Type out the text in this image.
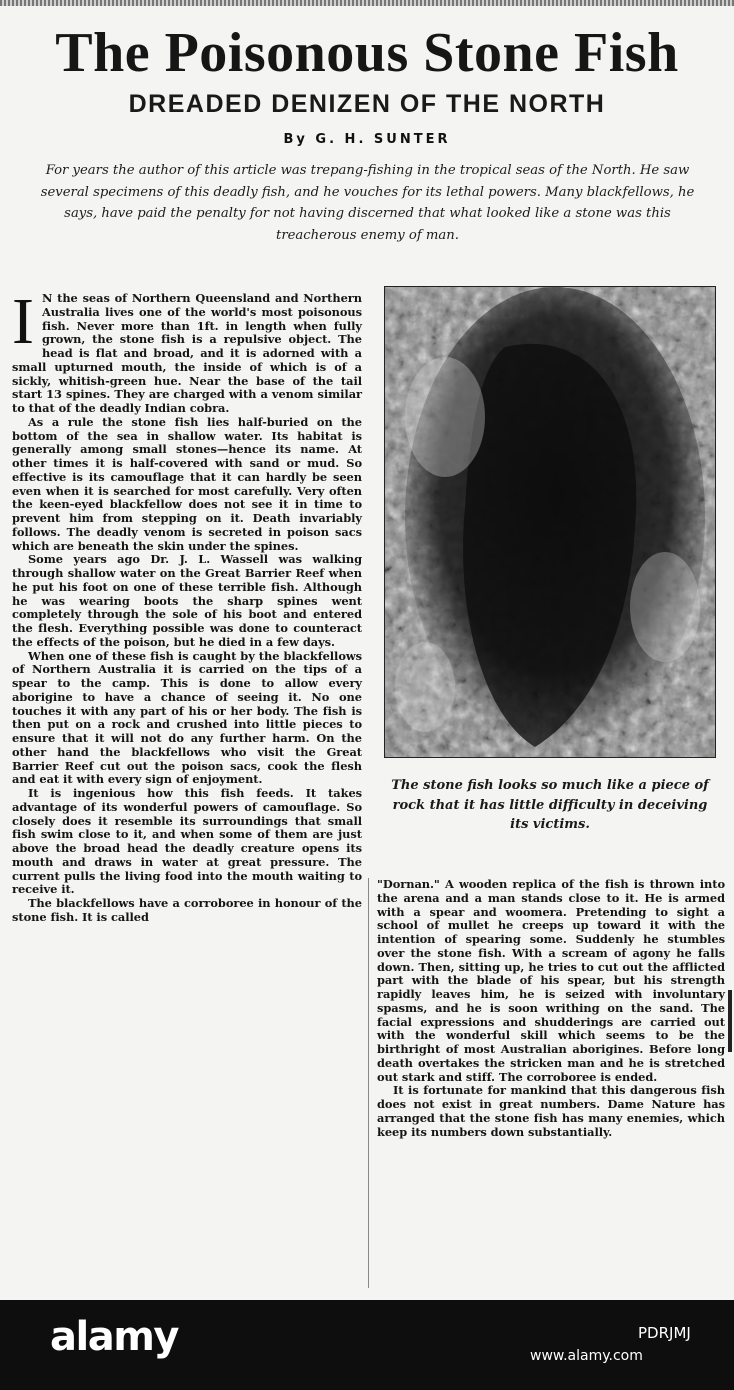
The Poisonous Stone Fish
DREADED DENIZEN OF THE NORTH
By G. H. SUNTER

For years the author of this article was trepang-fishing in the tropical seas of the North. He saw several specimens of this deadly fish, and he vouches for its lethal powers. Many blackfellows, he says, have paid the penalty for not having discerned that what looked like a stone was this treacherous enemy of man.

I N the seas of Northern Queensland and Northern Australia lives one of the world's most poisonous fish. Never more than 1ft. in length when fully grown, the stone fish is a repulsive object. The head is flat and broad, and it is adorned with a small upturned mouth, the inside of which is of a sickly, whitish-green hue. Near the base of the tail start 13 spines. They are charged with a venom similar to that of the deadly Indian cobra.

As a rule the stone fish lies half-buried on the bottom of the sea in shallow water. Its habitat is generally among small stones—hence its name. At other times it is half-covered with sand or mud. So effective is its camouflage that it can hardly be seen even when it is searched for most carefully. Very often the keen-eyed blackfellow does not see it in time to prevent him from stepping on it. Death invariably follows. The deadly venom is secreted in poison sacs which are beneath the skin under the spines.

Some years ago Dr. J. L. Wassell was walking through shallow water on the Great Barrier Reef when he put his foot on one of these terrible fish. Although he was wearing boots the sharp spines went completely through the sole of his boot and entered the flesh. Everything possible was done to counteract the effects of the poison, but he died in a few days.

When one of these fish is caught by the blackfellows of Northern Australia it is carried on the tips of a spear to the camp. This is done to allow every aborigine to have a chance of seeing it. No one touches it with any part of his or her body. The fish is then put on a rock and crushed into little pieces to ensure that it will not do any further harm. On the other hand the blackfellows who visit the Great Barrier Reef cut out the poison sacs, cook the flesh and eat it with every sign of enjoyment.

It is ingenious how this fish feeds. It takes advantage of its wonderful powers of camouflage. So closely does it resemble its surroundings that small fish swim close to it, and when some of them are just above the broad head the deadly creature opens its mouth and draws in water at great pressure. The current pulls the living food into the mouth waiting to receive it.

The blackfellows have a corroboree in honour of the stone fish. It is called

The stone fish looks so much like a piece of rock that it has little difficulty in deceiving its victims.

"Dornan." A wooden replica of the fish is thrown into the arena and a man stands close to it. He is armed with a spear and woomera. Pretending to sight a school of mullet he creeps up toward it with the intention of spearing some. Suddenly he stumbles over the stone fish. With a scream of agony he falls down. Then, sitting up, he tries to cut out the afflicted part with the blade of his spear, but his strength rapidly leaves him, he is seized with involuntary spasms, and he is soon writhing on the sand. The facial expressions and shudderings are carried out with the wonderful skill which seems to be the birthright of most Australian aborigines. Before long death overtakes the stricken man and he is stretched out stark and stiff. The corroboree is ended.

It is fortunate for mankind that this dangerous fish does not exist in great numbers. Dame Nature has arranged that the stone fish has many enemies, which keep its numbers down substantially.

alamy	PDRJMJ
www.alamy.com
